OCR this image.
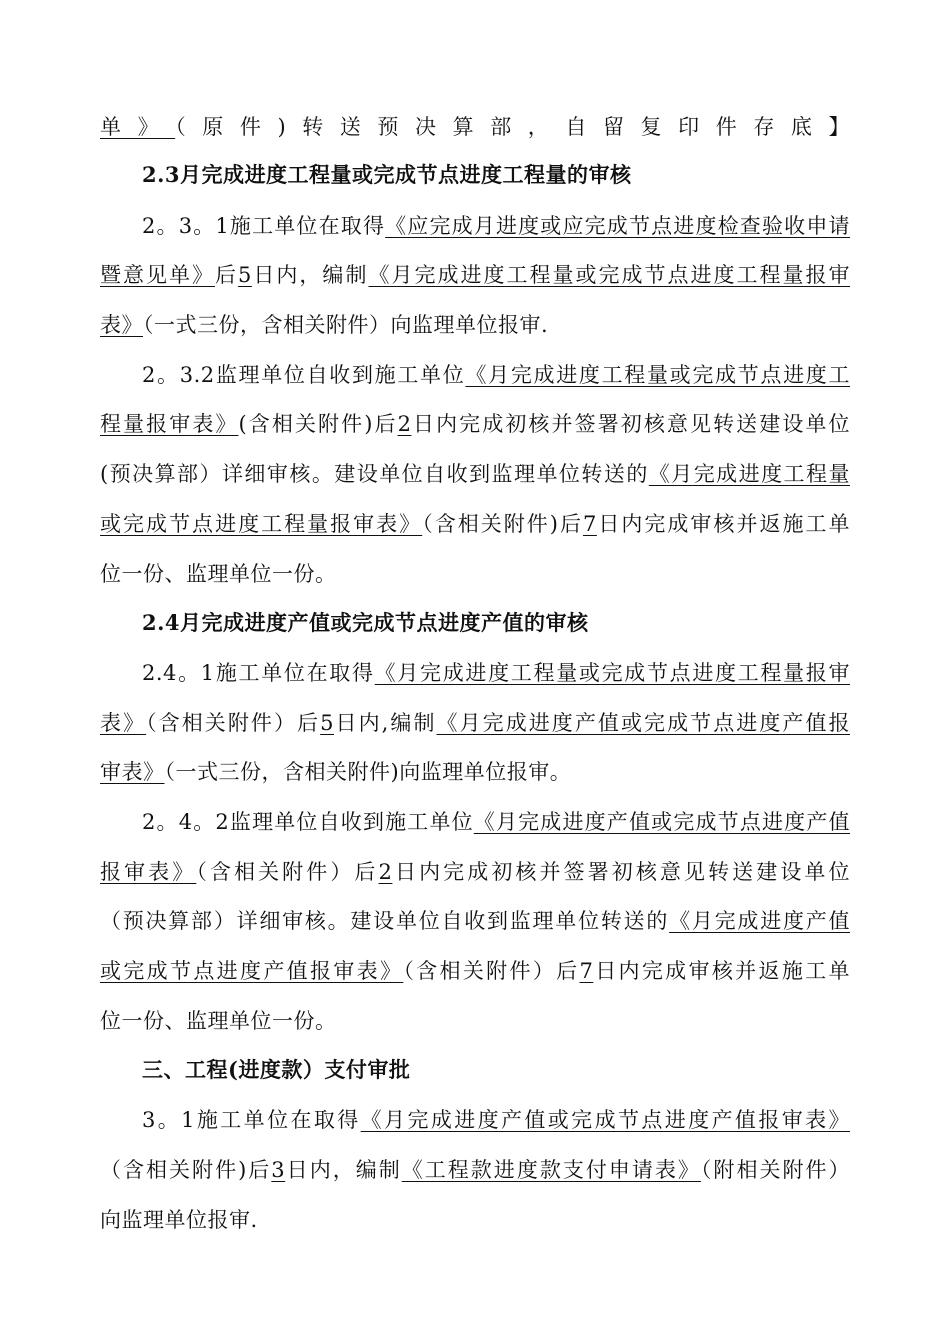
单》（原件)转送预决算部，自留复印件存底】
2.3月完成进度工程量或完成节点进度工程量的审核
2。3。1施工单位在取得《应完成月进度或应完成节点进度检查验收申请
暨意见单》后5日内，编制《月完成进度工程量或完成节点进度工程量报审
表》（一式三份，含相关附件）向监理单位报审.
2。3.2监理单位自收到施工单位《月完成进度工程量或完成节点进度工
程量报审表》(含相关附件)后2日内完成初核并签署初核意见转送建设单位
(预决算部）详细审核。建设单位自收到监理单位转送的《月完成进度工程量
或完成节点进度工程量报审表》（含相关附件)后7日内完成审核并返施工单
位一份、监理单位一份。
2.4月完成进度产值或完成节点进度产值的审核
2.4。1施工单位在取得《月完成进度工程量或完成节点进度工程量报审
表》（含相关附件）后5日内,编制《月完成进度产值或完成节点进度产值报
审表》（一式三份，含相关附件)向监理单位报审。
2。4。2监理单位自收到施工单位《月完成进度产值或完成节点进度产值
报审表》（含相关附件）后2日内完成初核并签署初核意见转送建设单位
（预决算部）详细审核。建设单位自收到监理单位转送的《月完成进度产值
或完成节点进度产值报审表》（含相关附件）后7日内完成审核并返施工单
位一份、监理单位一份。
三、工程(进度款）支付审批
3。1施工单位在取得《月完成进度产值或完成节点进度产值报审表》
（含相关附件)后3日内，编制《工程款进度款支付申请表》（附相关附件）
向监理单位报审.
